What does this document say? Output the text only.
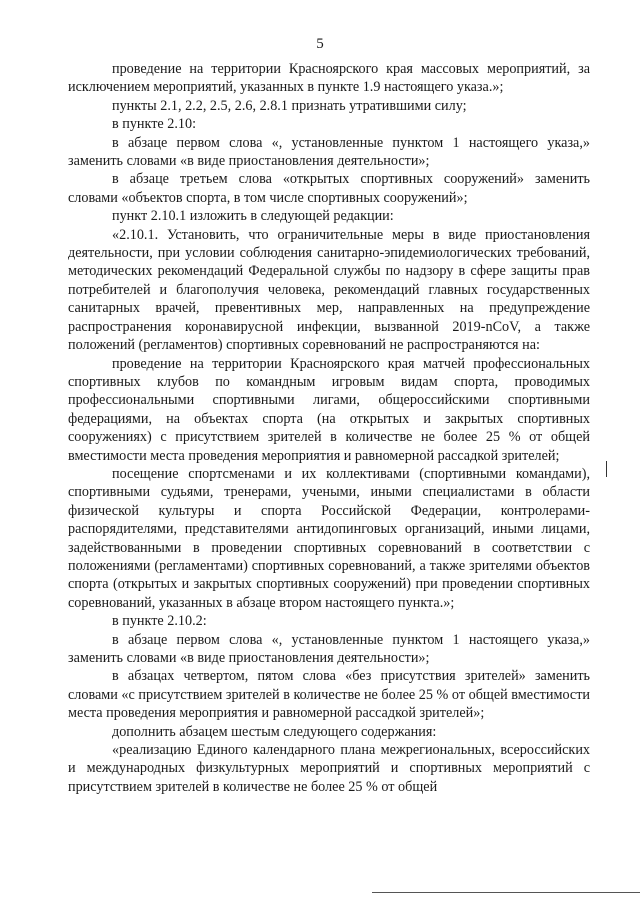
5

проведение на территории Красноярского края массовых мероприятий, за исключением мероприятий, указанных в пункте 1.9 настоящего указа.»;

пункты 2.1, 2.2, 2.5, 2.6, 2.8.1 признать утратившими силу;

в пункте 2.10:

в абзаце первом слова «, установленные пунктом 1 настоящего указа,» заменить словами «в виде приостановления деятельности»;

в абзаце третьем слова «открытых спортивных сооружений» заменить словами «объектов спорта, в том числе спортивных сооружений»;

пункт 2.10.1 изложить в следующей редакции:

«2.10.1. Установить, что ограничительные меры в виде приостановления деятельности, при условии соблюдения санитарно-эпидемиологических требований, методических рекомендаций Федеральной службы по надзору в сфере защиты прав потребителей и благополучия человека, рекомендаций главных государственных санитарных врачей, превентивных мер, направленных на предупреждение распространения коронавирусной инфекции, вызванной 2019-nCoV, а также положений (регламентов) спортивных соревнований не распространяются на:

проведение на территории Красноярского края матчей профессиональных спортивных клубов по командным игровым видам спорта, проводимых профессиональными спортивными лигами, общероссийскими спортивными федерациями, на объектах спорта (на открытых и закрытых спортивных сооружениях) с присутствием зрителей в количестве не более 25 % от общей вместимости места проведения мероприятия и равномерной рассадкой зрителей;

посещение спортсменами и их коллективами (спортивными командами), спортивными судьями, тренерами, учеными, иными специалистами в области физической культуры и спорта Российской Федерации, контролерами-распорядителями, представителями антидопинговых организаций, иными лицами, задействованными в проведении спортивных соревнований в соответствии с положениями (регламентами) спортивных соревнований, а также зрителями объектов спорта (открытых и закрытых спортивных сооружений) при проведении спортивных соревнований, указанных в абзаце втором настоящего пункта.»;

в пункте 2.10.2:

в абзаце первом слова «, установленные пунктом 1 настоящего указа,» заменить словами «в виде приостановления деятельности»;

в абзацах четвертом, пятом слова «без присутствия зрителей» заменить словами «с присутствием зрителей в количестве не более 25 % от общей вместимости места проведения мероприятия и равномерной рассадкой зрителей»;

дополнить абзацем шестым следующего содержания:

«реализацию Единого календарного плана межрегиональных, всероссийских и международных физкультурных мероприятий и спортивных мероприятий с присутствием зрителей в количестве не более 25 % от общей
